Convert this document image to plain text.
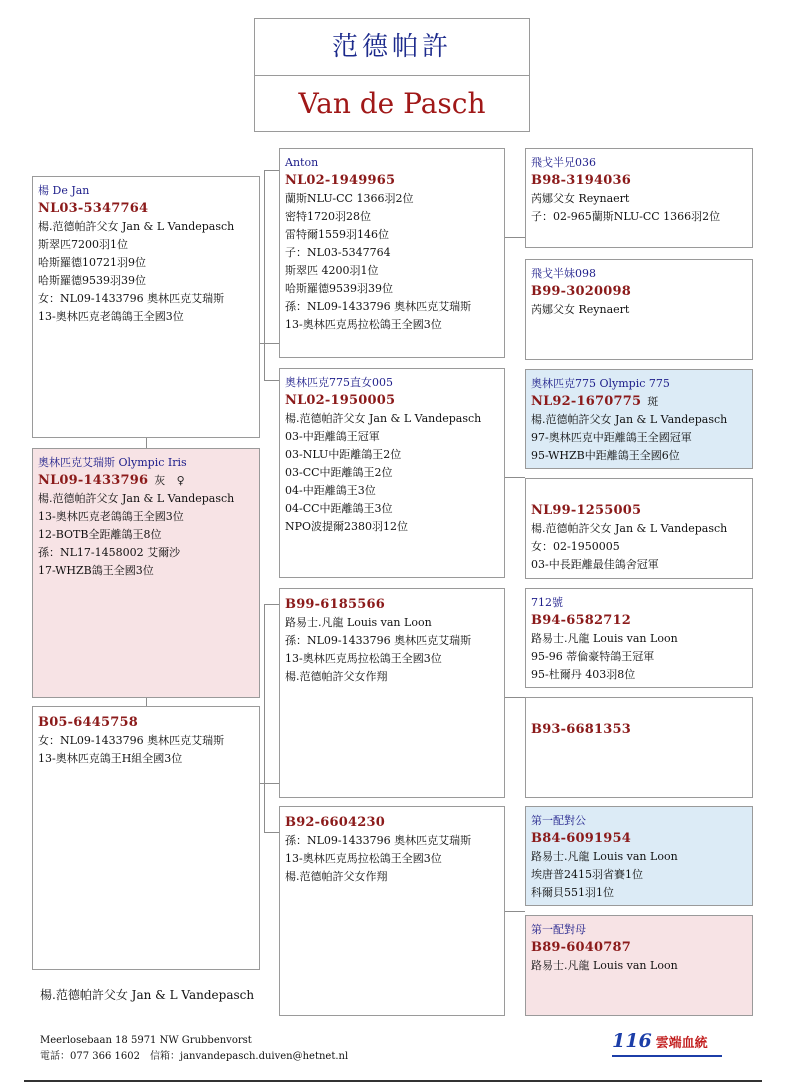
范德帕許
Van de Pasch
楊 De Jan
NL03-5347764
楊.范德帕許父女 Jan & L Vandepasch
斯翠匹7200羽1位
哈斯羅德10721羽9位
哈斯羅德9539羽39位
女：NL09-1433796 奧林匹克艾瑞斯
13-奧林匹克老鴿鴿王全國3位
奧林匹克艾瑞斯 Olympic Iris
NL09-1433796 灰　♀
楊.范德帕許父女 Jan & L Vandepasch
13-奧林匹克老鴿鴿王全國3位
12-BOTB全距離鴿王8位
孫：NL17-1458002 艾爾沙
17-WHZB鴿王全國3位
B05-6445758
女：NL09-1433796 奧林匹克艾瑞斯
13-奧林匹克鴿王H組全國3位
Anton
NL02-1949965
蘭斯NLU-CC 1366羽2位
密特1720羽28位
雷特爾1559羽146位
子：NL03-5347764
斯翠匹 4200羽1位
哈斯羅德9539羽39位
孫：NL09-1433796 奧林匹克艾瑞斯
13-奧林匹克馬拉松鴿王全國3位
奧林匹克775直女005
NL02-1950005
楊.范德帕許父女 Jan & L Vandepasch
03-中距離鴿王冠軍
03-NLU中距離鴿王2位
03-CC中距離鴿王2位
04-中距離鴿王3位
04-CC中距離鴿王3位
NPO波提爾2380羽12位
B99-6185566
路易士.凡龍 Louis van Loon
孫：NL09-1433796 奧林匹克艾瑞斯
13-奧林匹克馬拉松鴿王全國3位
楊.范德帕許父女作翔
B92-6604230
孫：NL09-1433796 奧林匹克艾瑞斯
13-奧林匹克馬拉松鴿王全國3位
楊.范德帕許父女作翔
飛戈半兄036
B98-3194036
芮娜父女 Reynaert
子：02-965蘭斯NLU-CC 1366羽2位
飛戈半妹098
B99-3020098
芮娜父女 Reynaert
奧林匹克775 Olympic 775
NL92-1670775 斑
楊.范德帕許父女 Jan & L Vandepasch
97-奧林匹克中距離鴿王全國冠軍
95-WHZB中距離鴿王全國6位
NL99-1255005
楊.范德帕許父女 Jan & L Vandepasch
女：02-1950005
03-中長距離最佳鴿舍冠軍
712號
B94-6582712
路易士.凡龍 Louis van Loon
95-96 蒂倫豪特鴿王冠軍
95-杜爾丹 403羽8位
B93-6681353
第一配對公
B84-6091954
路易士.凡龍 Louis van Loon
埃唐普2415羽省賽1位
科爾貝551羽1位
第一配對母
B89-6040787
路易士.凡龍 Louis van Loon
楊.范德帕許父女 Jan & L Vandepasch
Meerlosebaan 18 5971 NW Grubbenvorst
電話：077 366 1602　信箱：janvandepasch.duiven@hetnet.nl
116 雲端血統
